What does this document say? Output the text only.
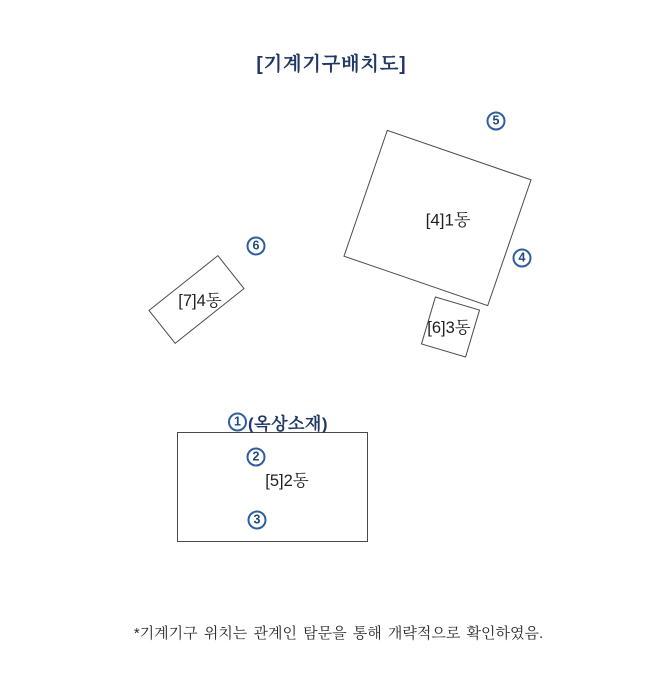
[기계기구배치도]
[4]1동
[6]3동
[7]4동
[5]2동
5
4
6
2
3
1 (옥상소재)
*기계기구 위치는 관계인 탐문을 통해 개략적으로 확인하였음.
